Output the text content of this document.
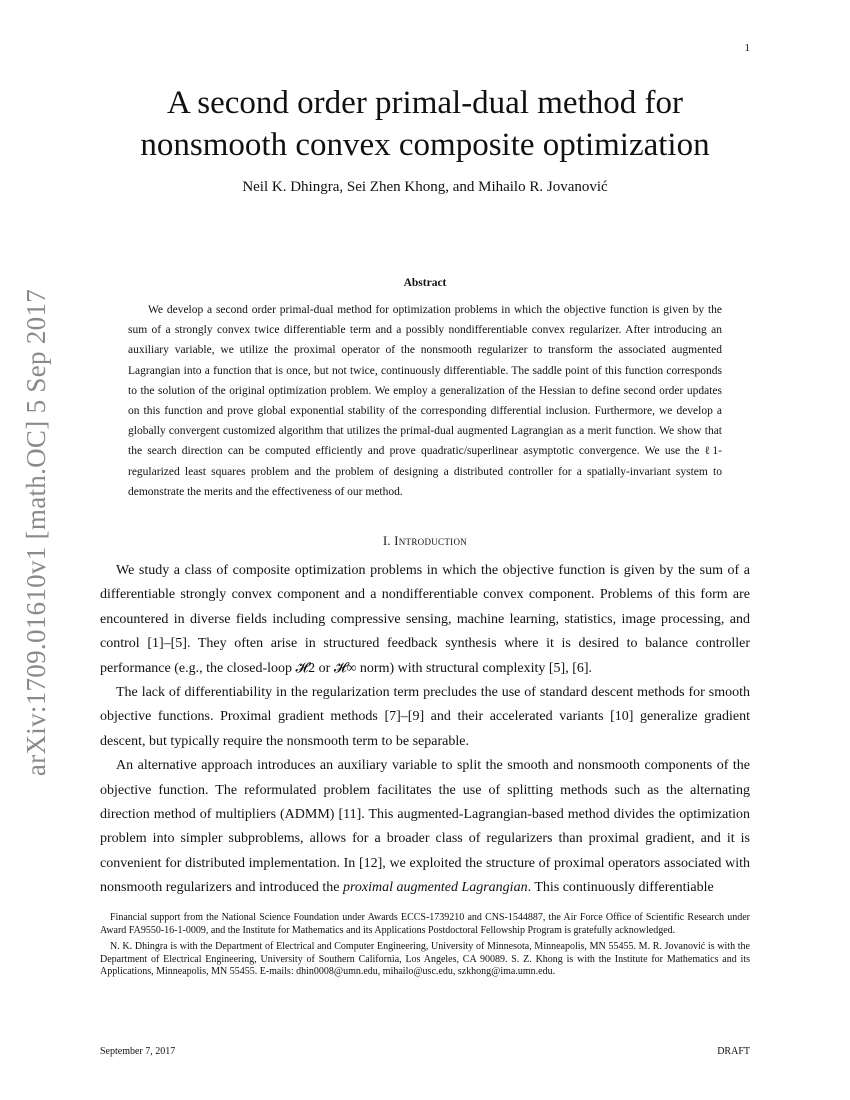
1
A second order primal-dual method for
nonsmooth convex composite optimization
Neil K. Dhingra, Sei Zhen Khong, and Mihailo R. Jovanović
arXiv:1709.01610v1 [math.OC] 5 Sep 2017
Abstract

We develop a second order primal-dual method for optimization problems in which the objective function is given by the sum of a strongly convex twice differentiable term and a possibly nondifferentiable convex regularizer. After introducing an auxiliary variable, we utilize the proximal operator of the nonsmooth regularizer to transform the associated augmented Lagrangian into a function that is once, but not twice, continuously differentiable. The saddle point of this function corresponds to the solution of the original optimization problem. We employ a generalization of the Hessian to define second order updates on this function and prove global exponential stability of the corresponding differential inclusion. Furthermore, we develop a globally convergent customized algorithm that utilizes the primal-dual augmented Lagrangian as a merit function. We show that the search direction can be computed efficiently and prove quadratic/superlinear asymptotic convergence. We use the ℓ1-regularized least squares problem and the problem of designing a distributed controller for a spatially-invariant system to demonstrate the merits and the effectiveness of our method.

I. Introduction

We study a class of composite optimization problems in which the objective function is given by the sum of a differentiable strongly convex component and a nondifferentiable convex component. Problems of this form are encountered in diverse fields including compressive sensing, machine learning, statistics, image processing, and control [1]–[5]. They often arise in structured feedback synthesis where it is desired to balance controller performance (e.g., the closed-loop 𝓗2 or 𝓗∞ norm) with structural complexity [5], [6].

The lack of differentiability in the regularization term precludes the use of standard descent methods for smooth objective functions. Proximal gradient methods [7]–[9] and their accelerated variants [10] generalize gradient descent, but typically require the nonsmooth term to be separable.

An alternative approach introduces an auxiliary variable to split the smooth and nonsmooth components of the objective function. The reformulated problem facilitates the use of splitting methods such as the alternating direction method of multipliers (ADMM) [11]. This augmented-Lagrangian-based method divides the optimization problem into simpler subproblems, allows for a broader class of regularizers than proximal gradient, and it is convenient for distributed implementation. In [12], we exploited the structure of proximal operators associated with nonsmooth regularizers and introduced the proximal augmented Lagrangian. This continuously differentiable

Financial support from the National Science Foundation under Awards ECCS-1739210 and CNS-1544887, the Air Force Office of Scientific Research under Award FA9550-16-1-0009, and the Institute for Mathematics and its Applications Postdoctoral Fellowship Program is gratefully acknowledged.

N. K. Dhingra is with the Department of Electrical and Computer Engineering, University of Minnesota, Minneapolis, MN 55455. M. R. Jovanović is with the Department of Electrical Engineering, University of Southern California, Los Angeles, CA 90089. S. Z. Khong is with the Institute for Mathematics and its Applications, Minneapolis, MN 55455. E-mails: dhin0008@umn.edu, mihailo@usc.edu, szkhong@ima.umn.edu.

September 7, 2017	DRAFT
